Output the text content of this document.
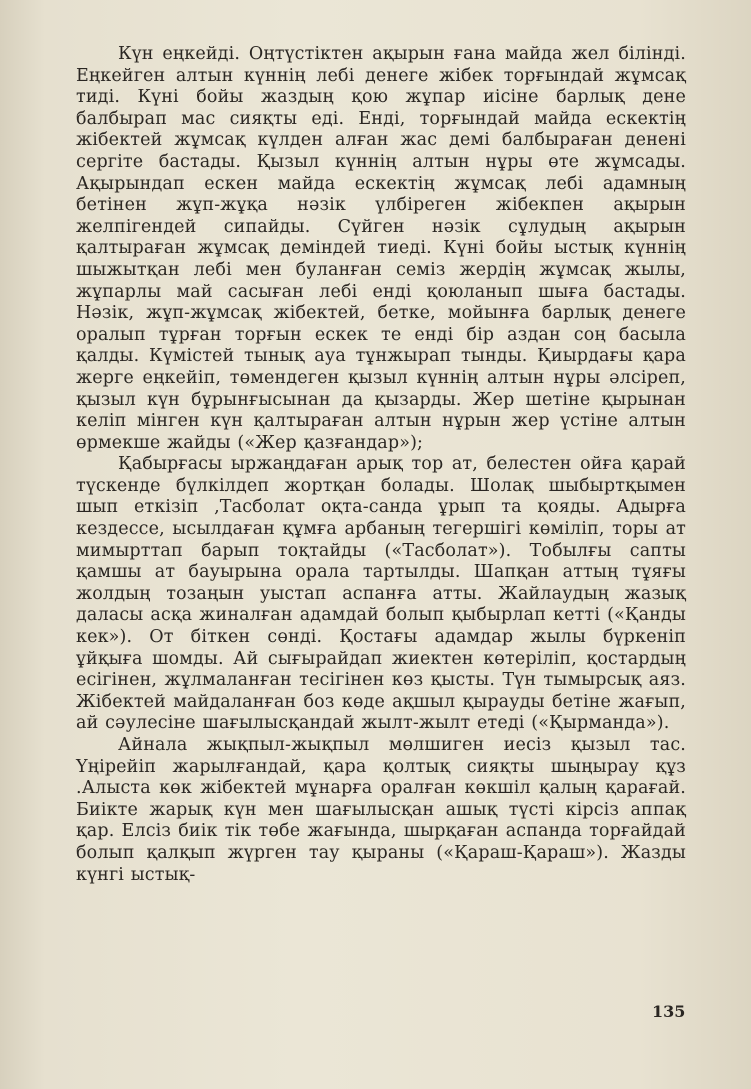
Күн еңкейді. Оңтүстіктен ақырын ғана майда жел білінді. Еңкейген алтын күннің лебі денеге жібек торғындай жұмсақ тиді. Күні бойы жаздың қою жұпар иісіне барлық дене балбырап мас сияқты еді. Енді, торғындай майда ескектің жібектей жұмсақ күлден алған жас демі балбыраған денені сергіте бастады. Қызыл күннің алтын нұры өте жұмсады. Ақырындап ескен майда ескектің жұмсақ лебі адамның бетінен жұп-жұқа нәзік үлбіреген жібекпен ақырын желпігендей сипайды. Сүйген нәзік сұлудың ақырын қалтыраған жұмсақ деміндей тиеді. Күні бойы ыстық күннің шыжытқан лебі мен буланған семіз жердің жұмсақ жылы, жұпарлы май сасыған лебі енді қоюланып шыға бастады. Нәзік, жұп-жұмсақ жібектей, бетке, мойынға барлық денеге оралып тұрған торғын ескек те енді бір аздан соң басыла қалды. Күмістей тынық ауа тұнжырап тынды. Қиырдағы қара жерге еңкейіп, төмендеген қызыл күннің алтын нұры әлсіреп, қызыл күн бұрынғысынан да қызарды. Жер шетіне қырынан келіп мінген күн қалтыраған алтын нұрын жер үстіне алтын өрмекше жайды («Жер қазғандар»);

Қабырғасы ыржаңдаған арық тор ат, белестен ойға қарай түскенде бүлкілдеп жортқан болады. Шолақ шыбыртқымен шып еткізіп ,Тасболат оқта-санда ұрып та қояды. Адырға кездессе, ысылдаған құмға арбаның тегершігі көміліп, торы ат мимырттап барып тоқтайды («Тасболат»). Тобылғы сапты қамшы ат бауырына орала тартылды. Шапқан аттың тұяғы жолдың тозаңын уыстап аспанға атты. Жайлаудың жазық даласы асқа жиналған адамдай болып қыбырлап кетті («Қанды кек»). От біткен сөнді. Қостағы адамдар жылы бүркеніп ұйқыға шомды. Ай сығырайдап жиектен көтеріліп, қостардың есігінен, жұлмаланған тесігінен көз қысты. Түн тымырсық аяз. Жібектей майдаланған боз көде ақшыл қырауды бетіне жағып, ай сәулесіне шағылысқандай жылт-жылт етеді («Қырманда»).

Айнала жықпыл-жықпыл мөлшиген иесіз қызыл тас. Үңірейіп жарылғандай, қара қолтық сияқты шыңырау құз .Алыста көк жібектей мұнарға оралған көкшіл қалың қарағай. Биікте жарық күн мен шағылысқан ашық түсті кірсіз аппақ қар. Елсіз биік тік төбе жағында, шырқаған аспанда торғайдай болып қалқып жүрген тау қыраны («Қараш-Қараш»). Жазды күнгі ыстық-

135
